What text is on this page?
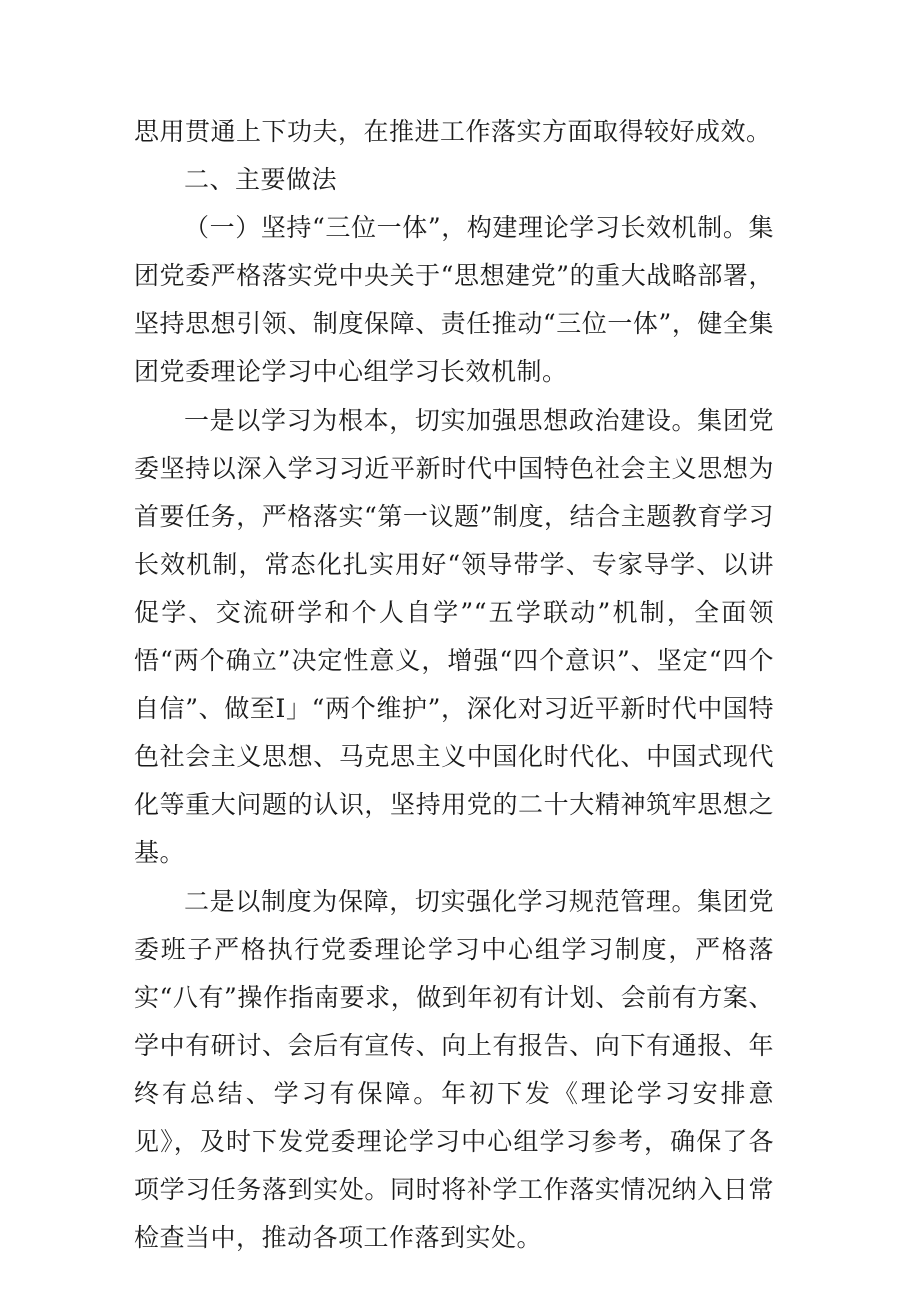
思用贯通上下功夫，在推进工作落实方面取得较好成效。

二、主要做法

（一）坚持“三位一体”，构建理论学习长效机制。集团党委严格落实党中央关于“思想建党”的重大战略部署，坚持思想引领、制度保障、责任推动“三位一体”，健全集团党委理论学习中心组学习长效机制。

一是以学习为根本，切实加强思想政治建设。集团党委坚持以深入学习习近平新时代中国特色社会主义思想为首要任务，严格落实“第一议题”制度，结合主题教育学习长效机制，常态化扎实用好“领导带学、专家导学、以讲促学、交流研学和个人自学”“五学联动”机制，全面领悟“两个确立”决定性意义，增强“四个意识”、坚定“四个自信”、做至I」“两个维护”，深化对习近平新时代中国特色社会主义思想、马克思主义中国化时代化、中国式现代化等重大问题的认识，坚持用党的二十大精神筑牢思想之基。

二是以制度为保障，切实强化学习规范管理。集团党委班子严格执行党委理论学习中心组学习制度，严格落实“八有”操作指南要求，做到年初有计划、会前有方案、学中有研讨、会后有宣传、向上有报告、向下有通报、年终有总结、学习有保障。年初下发《理论学习安排意见》，及时下发党委理论学习中心组学习参考，确保了各项学习任务落到实处。同时将补学工作落实情况纳入日常检查当中，推动各项工作落到实处。
